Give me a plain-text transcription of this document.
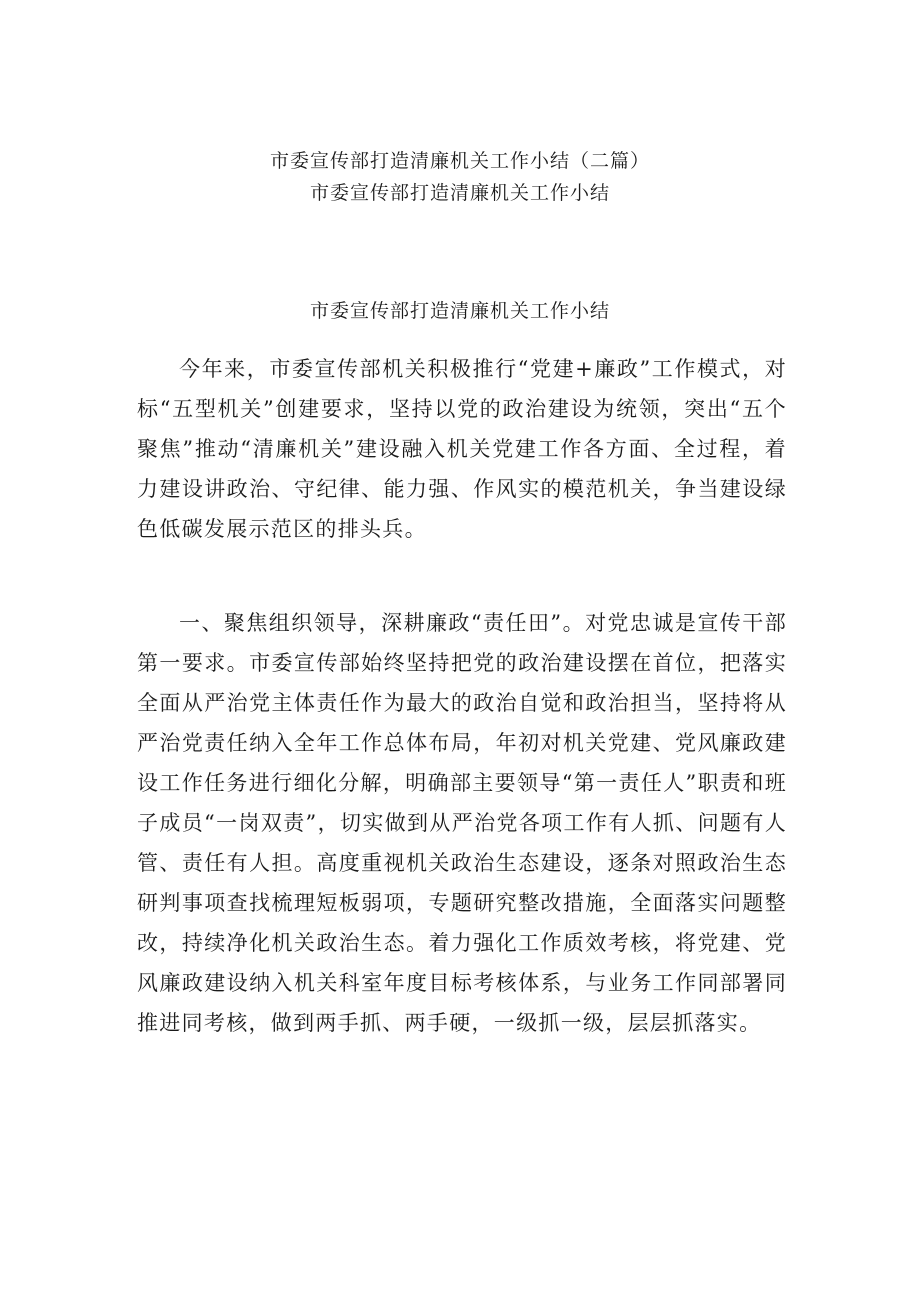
市委宣传部打造清廉机关工作小结（二篇）
市委宣传部打造清廉机关工作小结
市委宣传部打造清廉机关工作小结

今年来，市委宣传部机关积极推行“党建+廉政”工作模式，对标“五型机关”创建要求，坚持以党的政治建设为统领，突出“五个聚焦”推动“清廉机关”建设融入机关党建工作各方面、全过程，着力建设讲政治、守纪律、能力强、作风实的模范机关，争当建设绿色低碳发展示范区的排头兵。

一、聚焦组织领导，深耕廉政“责任田”。对党忠诚是宣传干部第一要求。市委宣传部始终坚持把党的政治建设摆在首位，把落实全面从严治党主体责任作为最大的政治自觉和政治担当，坚持将从严治党责任纳入全年工作总体布局，年初对机关党建、党风廉政建设工作任务进行细化分解，明确部主要领导“第一责任人”职责和班子成员“一岗双责”，切实做到从严治党各项工作有人抓、问题有人管、责任有人担。高度重视机关政治生态建设，逐条对照政治生态研判事项查找梳理短板弱项，专题研究整改措施，全面落实问题整改，持续净化机关政治生态。着力强化工作质效考核，将党建、党风廉政建设纳入机关科室年度目标考核体系，与业务工作同部署同推进同考核，做到两手抓、两手硬，一级抓一级，层层抓落实。
